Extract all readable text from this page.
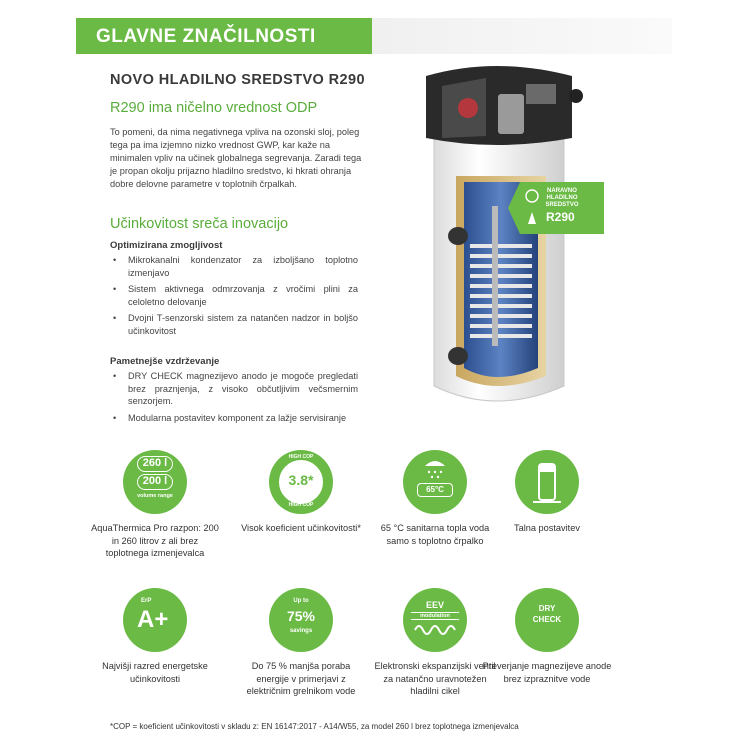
GLAVNE ZNAČILNOSTI
NOVO HLADILNO SREDSTVO R290
R290 ima ničelno vrednost ODP
To pomeni, da nima negativnega vpliva na ozonski sloj, poleg tega pa ima izjemno nizko vrednost GWP, kar kaže na minimalen vpliv na učinek globalnega segrevanja. Zaradi tega je propan okolju prijazno hladilno sredstvo, ki hkrati ohranja dobre delovne parametre v toplotnih črpalkah.
Učinkovitost sreča inovacijo
Optimizirana zmogljivost
• Mikrokanalni kondenzator za izboljšano toplotno izmenjavo
• Sistem aktivnega odmrzovanja z vročimi plini za celoletno delovanje
• Dvojni T-senzorski sistem za natančen nadzor in boljšo učinkovitost
Pametnejše vzdrževanje
• DRY CHECK magnezijevo anodo je mogoče pregledati brez praznjenja, z visoko občutljivim večsmernim senzorjem.
• Modularna postavitev komponent za lažje servisiranje
NARAVNO HLADILNO SREDSTVO
R290
260 l
200 l
volume range
AquaThermica Pro razpon: 200 in 260 litrov z ali brez toplotnega izmenjevalca
HIGH COP
3.8*
HIGH COP
Visok koeficient učinkovitosti*
65°C
65 °C sanitarna topla voda samo s toplotno črpalko
Talna postavitev
ErP
A+
Najvišji razred energetske učinkovitosti
Up to
75%
savings
Do 75 % manjša poraba energije v primerjavi z električnim grelnikom vode
EEV
modulation
Elektronski ekspanzijski ventil za natančno uravnotežen hladilni cikel
DRY
CHECK
Preverjanje magnezijeve anode brez izpraznitve vode
*COP = koeficient učinkovitosti v skladu z: EN 16147:2017 - A14/W55, za model 260 l brez toplotnega izmenjevalca
